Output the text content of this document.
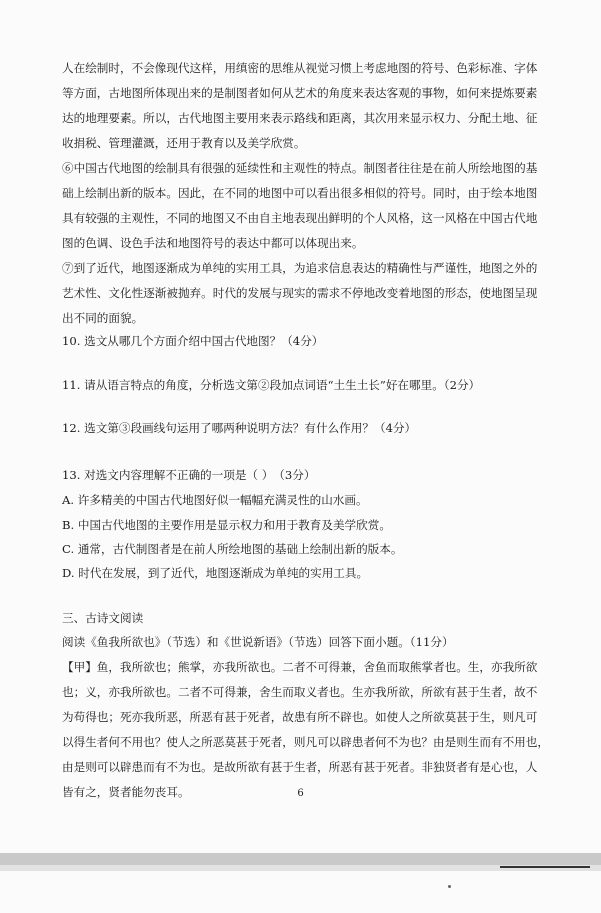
人在绘制时，不会像现代这样，用缜密的思维从视觉习惯上考虑地图的符号、色彩标准、字体
等方面，古地图所体现出来的是制图者如何从艺术的角度来表达客观的事物，如何来提炼要素
达的地理要素。所以，古代地图主要用来表示路线和距离，其次用来显示权力、分配土地、征
收捐税、管理灌溉，还用于教育以及美学欣赏。
⑥中国古代地图的绘制具有很强的延续性和主观性的特点。制图者往往是在前人所绘地图的基
础上绘制出新的版本。因此，在不同的地图中可以看出很多相似的符号。同时，由于绘本地图
具有较强的主观性，不同的地图又不由自主地表现出鲜明的个人风格，这一风格在中国古代地
图的色调、设色手法和地图符号的表达中都可以体现出来。
⑦到了近代，地图逐渐成为单纯的实用工具，为追求信息表达的精确性与严谨性，地图之外的
艺术性、文化性逐渐被抛弃。时代的发展与现实的需求不停地改变着地图的形态，使地图呈现
出不同的面貌。
10. 选文从哪几个方面介绍中国古代地图？（4分）
11. 请从语言特点的角度，分析选文第②段加点词语“土生土长”好在哪里。（2分）
12. 选文第③段画线句运用了哪两种说明方法？有什么作用？（4分）
13. 对选文内容理解不正确的一项是（ ）　（3分）
A. 许多精美的中国古代地图好似一幅幅充满灵性的山水画。
B. 中国古代地图的主要作用是显示权力和用于教育及美学欣赏。
C. 通常，古代制图者是在前人所绘地图的基础上绘制出新的版本。
D. 时代在发展，到了近代，地图逐渐成为单纯的实用工具。
三、古诗文阅读
阅读《鱼我所欲也》（节选）和《世说新语》（节选）回答下面小题。（11分）
【甲】鱼，我所欲也；熊掌，亦我所欲也。二者不可得兼，舍鱼而取熊掌者也。生，亦我所欲
也；义，亦我所欲也。二者不可得兼，舍生而取义者也。生亦我所欲，所欲有甚于生者，故不
为苟得也；死亦我所恶，所恶有甚于死者，故患有所不辟也。如使人之所欲莫甚于生，则凡可
以得生者何不用也？使人之所恶莫甚于死者，则凡可以辟患者何不为也？由是则生而有不用也，
由是则可以辟患而有不为也。是故所欲有甚于生者，所恶有甚于死者。非独贤者有是心也，人
皆有之，贤者能勿丧耳。	6
